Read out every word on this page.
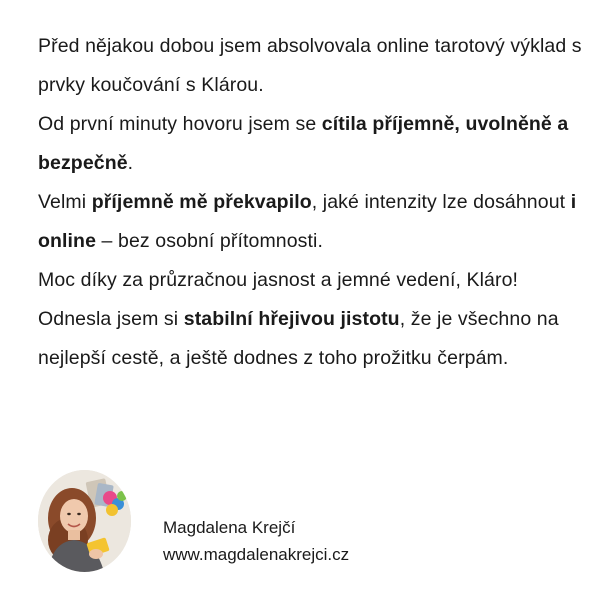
Před nějakou dobou jsem absolvovala online tarotový výklad s prvky koučování s Klárou.

Od první minuty hovoru jsem se cítila příjemně, uvolněně a bezpečně.

Velmi příjemně mě překvapilo, jaké intenzity lze dosáhnout i online – bez osobní přítomnosti.

Moc díky za průzračnou jasnost a jemné vedení, Kláro!

Odnesla jsem si stabilní hřejivou jistotu, že je všechno na nejlepší cestě, a ještě dodnes z toho prožitku čerpám.

Magdalena Krejčí
www.magdalenakrejci.cz
